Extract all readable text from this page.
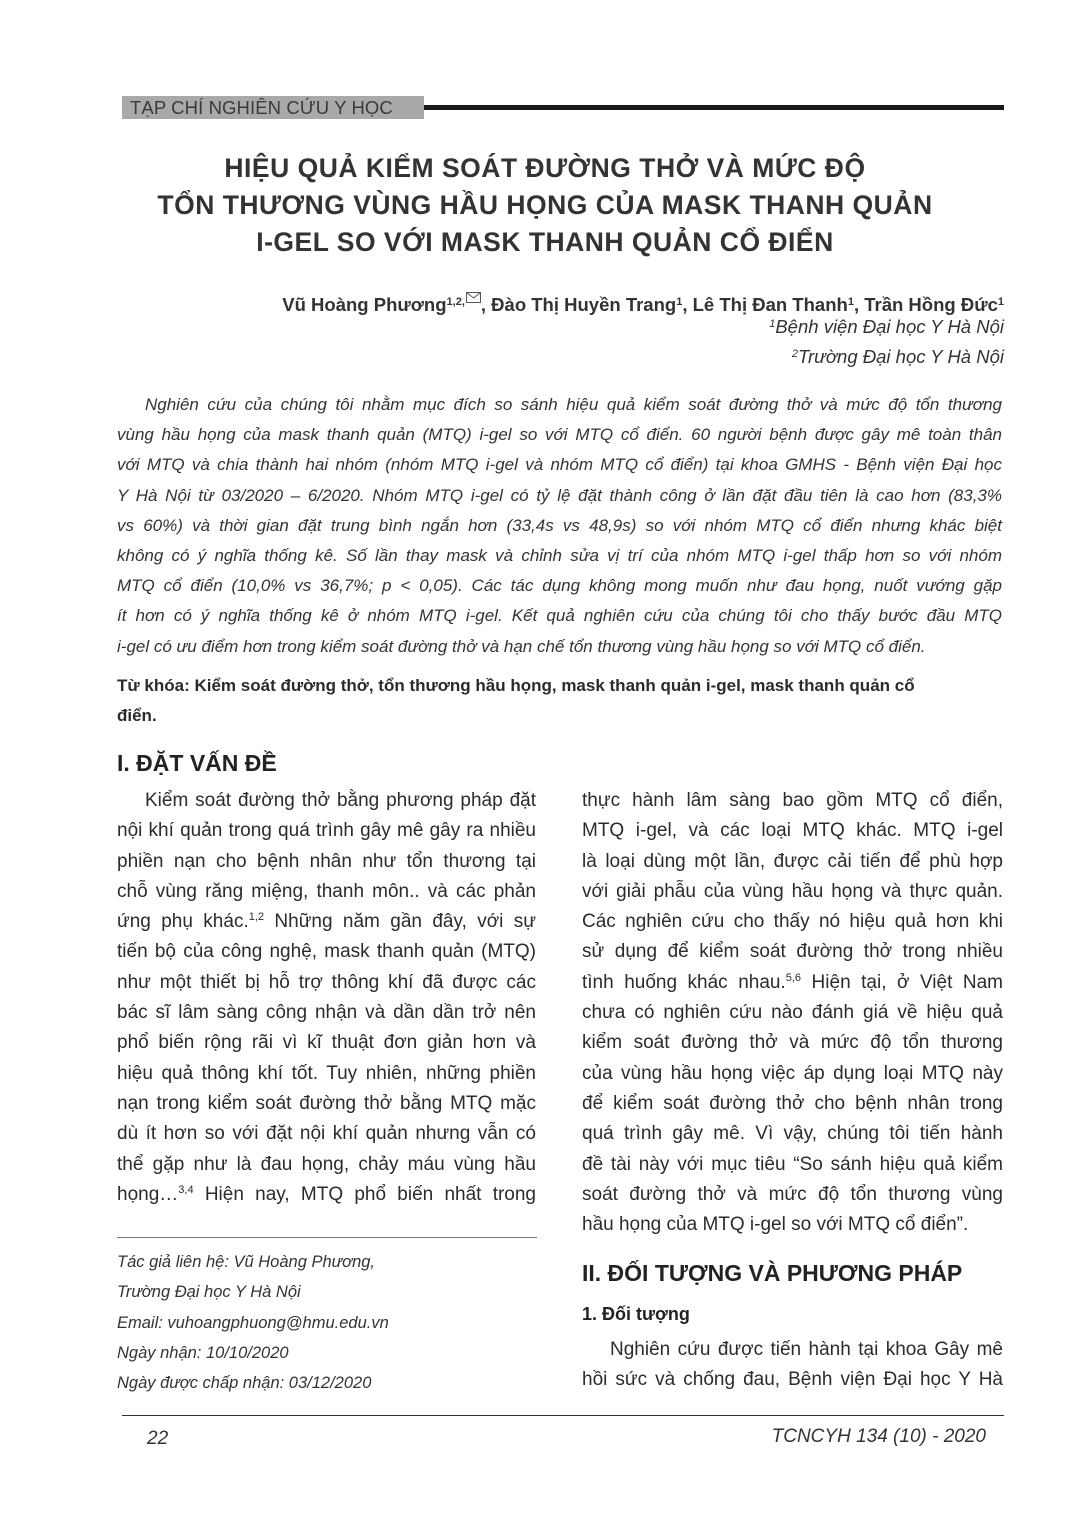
TẠP CHÍ NGHIÊN CỨU Y HỌC
HIỆU QUẢ KIỂM SOÁT ĐƯỜNG THỞ VÀ MỨC ĐỘ
TỔN THƯƠNG VÙNG HẦU HỌNG CỦA MASK THANH QUẢN
I-GEL SO VỚI MASK THANH QUẢN CỔ ĐIỂN
Vũ Hoàng Phương$^{1,2,}$ , Đào Thị Huyền Trang$^1$, Lê Thị Đan Thanh$^1$, Trần Hồng Đức$^1$
$^1$Bệnh viện Đại học Y Hà Nội
$^2$Trường Đại học Y Hà Nội
Nghiên cứu của chúng tôi nhằm mục đích so sánh hiệu quả kiểm soát đường thở và mức độ tổn thương
vùng hầu họng của mask thanh quản (MTQ) i-gel so với MTQ cổ điển. 60 người bệnh được gây mê toàn thân
với MTQ và chia thành hai nhóm (nhóm MTQ i-gel và nhóm MTQ cổ điển) tại khoa GMHS - Bệnh viện Đại học
Y Hà Nội từ 03/2020 – 6/2020. Nhóm MTQ i-gel có tỷ lệ đặt thành công ở lần đặt đầu tiên là cao hơn (83,3%
vs 60%) và thời gian đặt trung bình ngắn hơn (33,4s vs 48,9s) so với nhóm MTQ cổ điển nhưng khác biệt
không có ý nghĩa thống kê. Số lần thay mask và chỉnh sửa vị trí của nhóm MTQ i-gel thấp hơn so với nhóm
MTQ cổ điển (10,0% vs 36,7%; p < 0,05). Các tác dụng không mong muốn như đau họng, nuốt vướng gặp
ít hơn có ý nghĩa thống kê ở nhóm MTQ i-gel. Kết quả nghiên cứu của chúng tôi cho thấy bước đầu MTQ
i-gel có ưu điểm hơn trong kiểm soát đường thở và hạn chế tổn thương vùng hầu họng so với MTQ cổ điển.
Từ khóa: Kiểm soát đường thở, tổn thương hầu họng, mask thanh quản i-gel, mask thanh quản cổ
điển.
I. ĐẶT VẤN ĐỀ
Kiểm soát đường thở bằng phương pháp đặt
nội khí quản trong quá trình gây mê gây ra nhiều
phiền nạn cho bệnh nhân như tổn thương tại
chỗ vùng răng miệng, thanh môn.. và các phản
ứng phụ khác.$^{1,2}$ Những năm gần đây, với sự
tiến bộ của công nghệ, mask thanh quản (MTQ)
như một thiết bị hỗ trợ thông khí đã được các
bác sĩ lâm sàng công nhận và dần dần trở nên
phổ biến rộng rãi vì kĩ thuật đơn giản hơn và
hiệu quả thông khí tốt. Tuy nhiên, những phiền
nạn trong kiểm soát đường thở bằng MTQ mặc
dù ít hơn so với đặt nội khí quản nhưng vẫn có
thể gặp như là đau họng, chảy máu vùng hầu
họng…$^{3,4}$ Hiện nay, MTQ phổ biến nhất trong
Tác giả liên hệ: Vũ Hoàng Phương,
Trường Đại học Y Hà Nội
Email: vuhoangphuong@hmu.edu.vn
Ngày nhận: 10/10/2020
Ngày được chấp nhận: 03/12/2020
thực hành lâm sàng bao gồm MTQ cổ điển,
MTQ i-gel, và các loại MTQ khác. MTQ i-gel
là loại dùng một lần, được cải tiến để phù hợp
với giải phẫu của vùng hầu họng và thực quản.
Các nghiên cứu cho thấy nó hiệu quả hơn khi
sử dụng để kiểm soát đường thở trong nhiều
tình huống khác nhau.$^{5,6}$ Hiện tại, ở Việt Nam
chưa có nghiên cứu nào đánh giá về hiệu quả
kiểm soát đường thở và mức độ tổn thương
của vùng hầu họng việc áp dụng loại MTQ này
để kiểm soát đường thở cho bệnh nhân trong
quá trình gây mê. Vì vậy, chúng tôi tiến hành
đề tài này với mục tiêu “So sánh hiệu quả kiểm
soát đường thở và mức độ tổn thương vùng
hầu họng của MTQ i-gel so với MTQ cổ điển”.
II. ĐỐI TƯỢNG VÀ PHƯƠNG PHÁP
1. Đối tượng
Nghiên cứu được tiến hành tại khoa Gây mê
hồi sức và chống đau, Bệnh viện Đại học Y Hà
22	TCNCYH 134 (10) - 2020
